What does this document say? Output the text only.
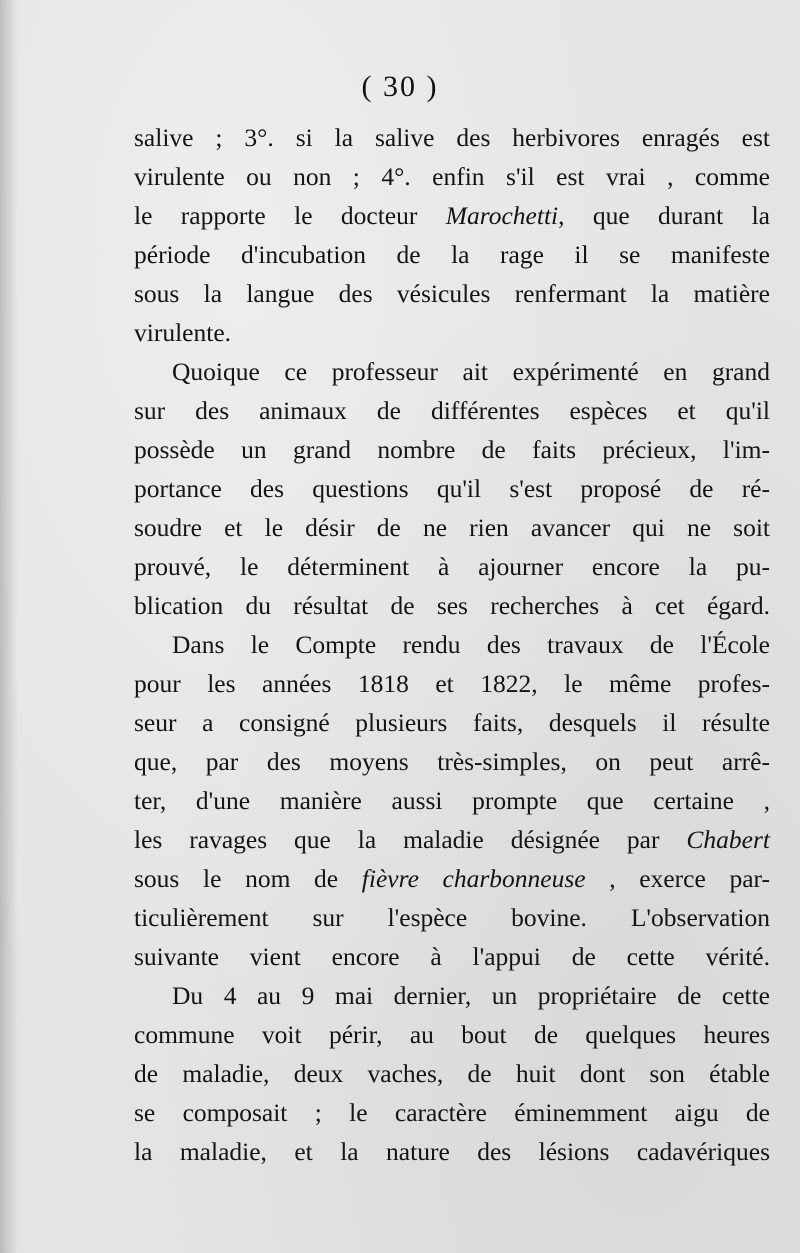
( 30 )
salive ; 3°. si la salive des herbivores enragés est
virulente ou non ; 4°. enfin s'il est vrai , comme
le rapporte le docteur Marochetti, que durant la
période d'incubation de la rage il se manifeste
sous la langue des vésicules renfermant la matière
virulente.
Quoique ce professeur ait expérimenté en grand
sur des animaux de différentes espèces et qu'il
possède un grand nombre de faits précieux, l'im-
portance des questions qu'il s'est proposé de ré-
soudre et le désir de ne rien avancer qui ne soit
prouvé, le déterminent à ajourner encore la pu-
blication du résultat de ses recherches à cet égard.
Dans le Compte rendu des travaux de l'École
pour les années 1818 et 1822, le même profes-
seur a consigné plusieurs faits, desquels il résulte
que, par des moyens très-simples, on peut arrê-
ter, d'une manière aussi prompte que certaine ,
les ravages que la maladie désignée par Chabert
sous le nom de fièvre charbonneuse , exerce par-
ticulièrement sur l'espèce bovine. L'observation
suivante vient encore à l'appui de cette vérité.
Du 4 au 9 mai dernier, un propriétaire de cette
commune voit périr, au bout de quelques heures
de maladie, deux vaches, de huit dont son étable
se composait ; le caractère éminemment aigu de
la maladie, et la nature des lésions cadavériques
